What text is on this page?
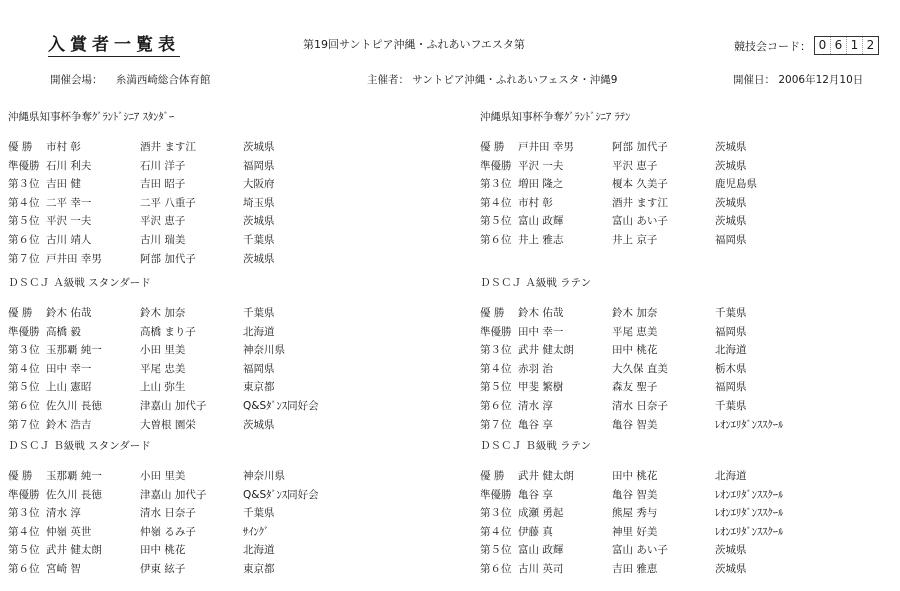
入賞者一覧表	第19回サントピア沖縄・ふれあいフエスタ第	競技会コード： 0 6 1 2
開催会場： 糸満西崎総合体育館	主催者： サントピア沖縄・ふれあいフェスタ・沖縄9	開催日： 2006年12月10日
沖縄県知事杯争奪ｸﾞﾗﾝﾄﾞｼﾆｱ ｽﾀﾝﾀﾞｰ
優 勝	市村 彰	酒井 ます江	茨城県
準優勝 石川 利夫	石川 洋子	福岡県
第３位 吉田 健	吉田 昭子	大阪府
第４位 二平 幸一	二平 八重子	埼玉県
第５位 平沢 一夫	平沢 恵子	茨城県
第６位 古川 靖人	古川 瑞美	千葉県
第７位 戸井田 幸男	阿部 加代子	茨城県
沖縄県知事杯争奪ｸﾞﾗﾝﾄﾞｼﾆｱ ﾗﾃﾝ
優 勝	戸井田 幸男	阿部 加代子	茨城県
準優勝 平沢 一夫	平沢 恵子	茨城県
第３位 増田 隆之	榎本 久美子	鹿児島県
第４位 市村 彰	酒井 ます江	茨城県
第５位 富山 政輝	富山 あい子	茨城県
第６位 井上 雅志	井上 京子	福岡県
ＤＳＣＪ Ａ級戦 スタンダード
優 勝	鈴木 佑哉	鈴木 加奈	千葉県
準優勝 高橋 毅	高橋 まり子	北海道
第３位 玉那覇 純一	小田 里美	神奈川県
第４位 田中 幸一	平尾 忠美	福岡県
第５位 上山 憲昭	上山 弥生	東京都
第６位 佐久川 長徳	津嘉山 加代子	Q&Sﾀﾞﾝｽ同好会
第７位 鈴木 浩吉	大曽根 園栄	茨城県
ＤＳＣＪ Ａ級戦 ラテン
優 勝	鈴木 佑哉	鈴木 加奈	千葉県
準優勝 田中 幸一	平尾 恵美	福岡県
第３位 武井 健太朗	田中 桃花	北海道
第４位 赤羽 治	大久保 直美	栃木県
第５位 甲斐 繁樹	森友 聖子	福岡県
第６位 清水 淳	清水 日奈子	千葉県
第７位 亀谷 享	亀谷 智美	ﾚｵﾝｴﾘﾀﾞﾝｽｽｸｰﾙ
ＤＳＣＪ Ｂ級戦 スタンダード
優 勝	玉那覇 純一	小田 里美	神奈川県
準優勝 佐久川 長徳	津嘉山 加代子	Q&Sﾀﾞﾝｽ同好会
第３位 清水 淳	清水 日奈子	千葉県
第４位 仲嶺 英世	仲嶺 るみ子	ｻｲﾝｸﾞ
第５位 武井 健太朗	田中 桃花	北海道
第６位 宮崎 智	伊東 絃子	東京都
ＤＳＣＪ Ｂ級戦 ラテン
優 勝	武井 健太朗	田中 桃花	北海道
準優勝 亀谷 享	亀谷 智美	ﾚｵﾝｴﾘﾀﾞﾝｽｽｸｰﾙ
第３位 成瀬 勇起	熊屋 秀与	ﾚｵﾝｴﾘﾀﾞﾝｽｽｸｰﾙ
第４位 伊藤 真	神里 好美	ﾚｵﾝｴﾘﾀﾞﾝｽｽｸｰﾙ
第５位 富山 政輝	富山 あい子	茨城県
第６位 古川 英司	吉田 雅恵	茨城県
